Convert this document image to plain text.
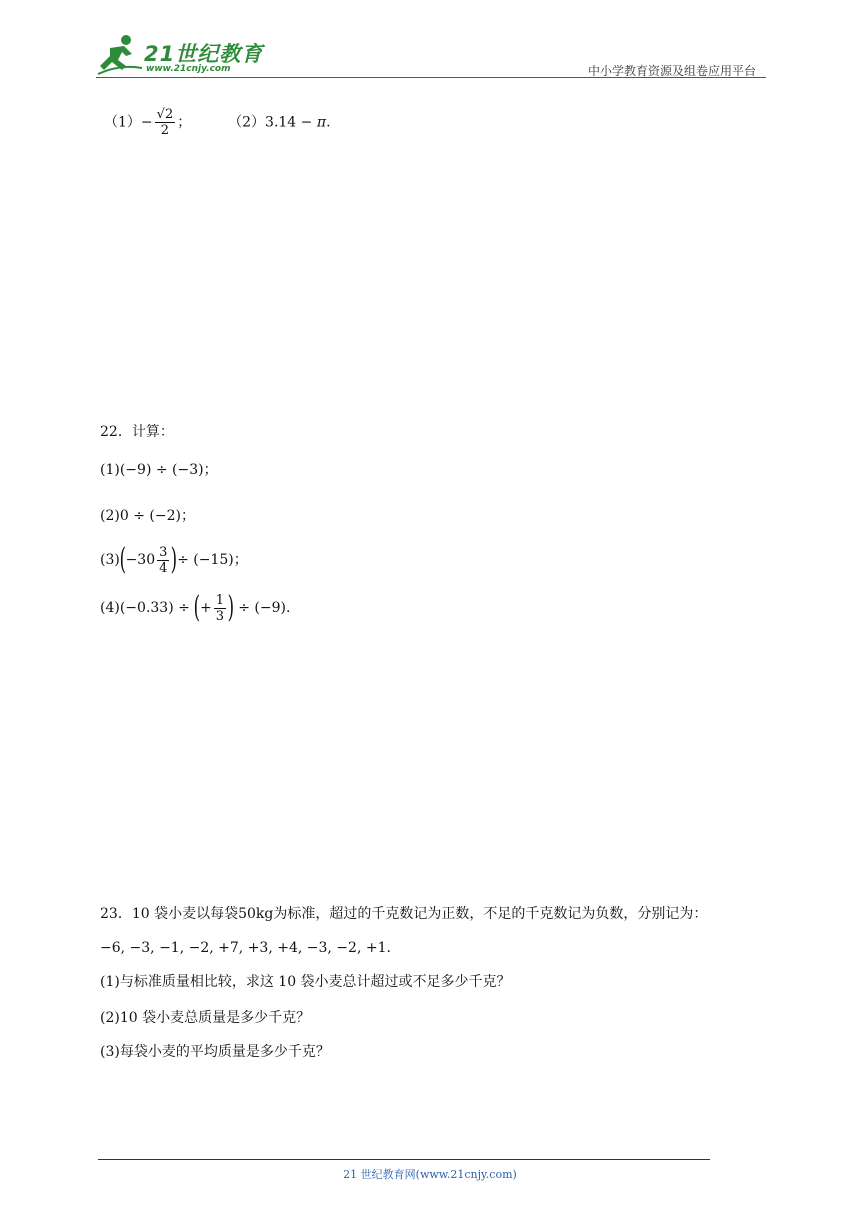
21世纪教育
www.21cnjy.com	中小学教育资源及组卷应用平台
$(1)- \frac{√2}{2}$ ；	（2）3.14 − π.
22．计算：
(1)(−9) ÷ (−3)；
(2)0 ÷ (−2)；
(3) ( $-30 \frac{3}{4}$ ) ÷ (−15) ；
(4) (−0.33) ÷ ( + $\frac{1}{3}$ ) ÷ (−9) .
23．10 袋小麦以每袋50kg为标准，超过的千克数记为正数，不足的千克数记为负数，分别记为：
−6, −3, −1, −2, +7, +3, +4, −3, −2, +1.
(1)与标准质量相比较，求这 10 袋小麦总计超过或不足多少千克？
(2)10 袋小麦总质量是多少千克？
(3)每袋小麦的平均质量是多少千克？
21 世纪教育网(www.21cnjy.com)
